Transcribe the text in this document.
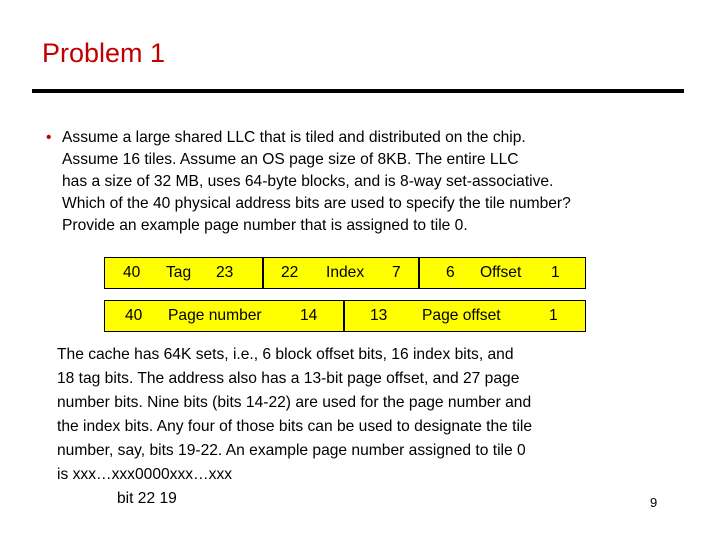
Problem 1
• Assume a large shared LLC that is tiled and distributed on the chip.
Assume 16 tiles. Assume an OS page size of 8KB. The entire LLC
has a size of 32 MB, uses 64-byte blocks, and is 8-way set-associative.
Which of the 40 physical address bits are used to specify the tile number?
Provide an example page number that is assigned to tile 0.
40 Tag 23	22 Index 7	6 Offset 1
40 Page number 14	13 Page offset	1
The cache has 64K sets, i.e., 6 block offset bits, 16 index bits, and
18 tag bits. The address also has a 13-bit page offset, and 27 page
number bits. Nine bits (bits 14-22) are used for the page number and
the index bits. Any four of those bits can be used to designate the tile
number, say, bits 19-22. An example page number assigned to tile 0
is xxx…xxx0000xxx…xxx
bit 22 19	9
